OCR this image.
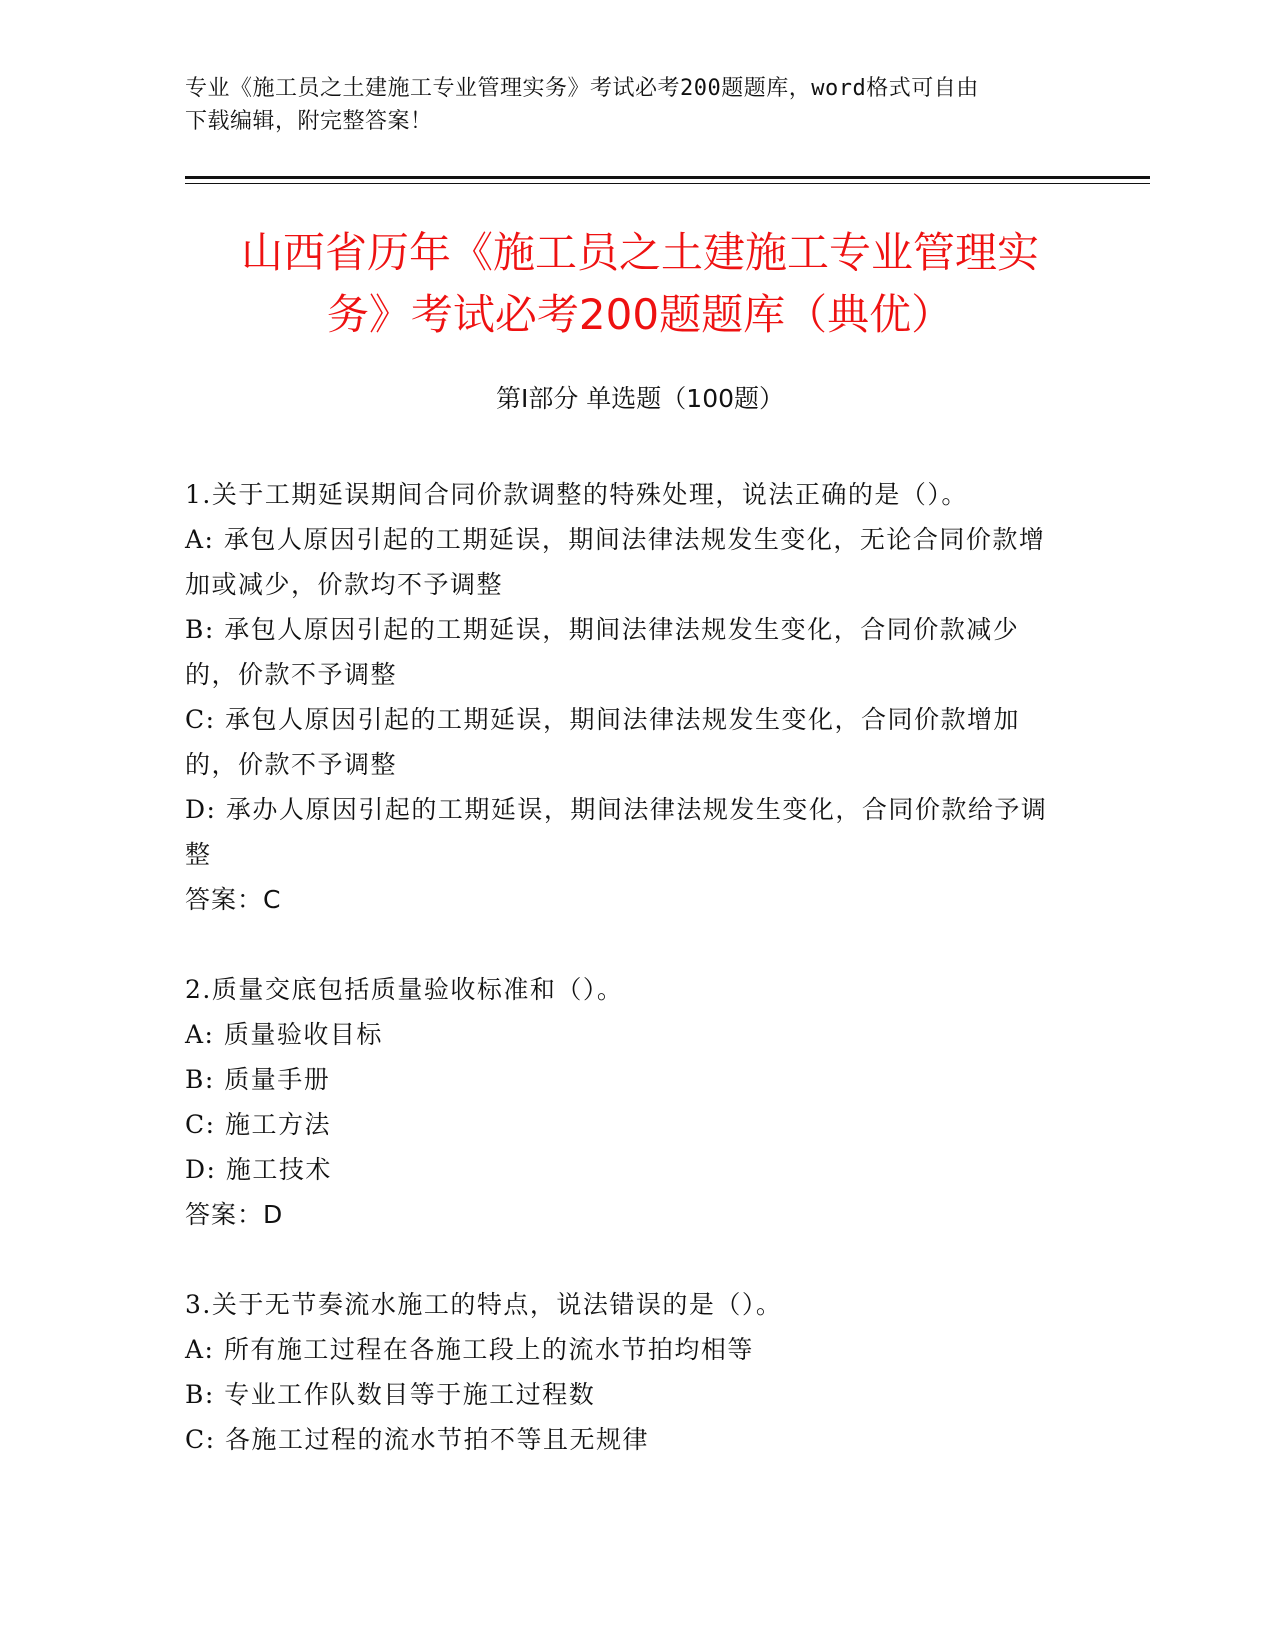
专业《施工员之土建施工专业管理实务》考试必考200题题库，word格式可自由
下载编辑，附完整答案！
山西省历年《施工员之土建施工专业管理实
务》考试必考200题题库（典优）
第Ⅰ部分 单选题（100题）

1.关于工期延误期间合同价款调整的特殊处理，说法正确的是（）。

A: 承包人原因引起的工期延误，期间法律法规发生变化，无论合同价款增加或减少，价款均不予调整

B: 承包人原因引起的工期延误，期间法律法规发生变化，合同价款减少的，价款不予调整

C: 承包人原因引起的工期延误，期间法律法规发生变化，合同价款增加的，价款不予调整

D: 承办人原因引起的工期延误，期间法律法规发生变化，合同价款给予调整

答案：C

2.质量交底包括质量验收标准和（）。

A: 质量验收目标

B: 质量手册

C: 施工方法

D: 施工技术

答案：D

3.关于无节奏流水施工的特点，说法错误的是（）。

A: 所有施工过程在各施工段上的流水节拍均相等

B: 专业工作队数目等于施工过程数

C: 各施工过程的流水节拍不等且无规律
